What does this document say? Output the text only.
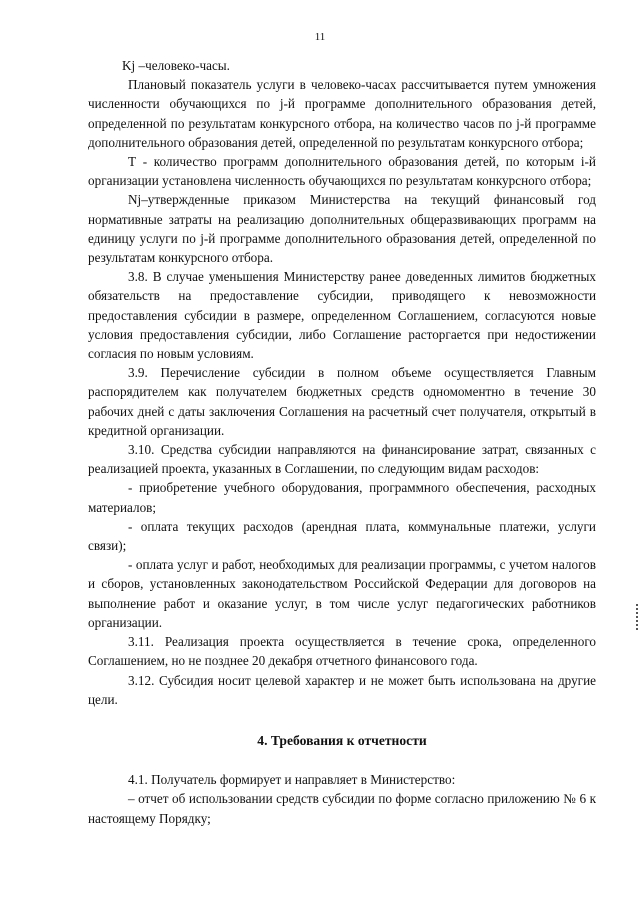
11

Kj –человеко-часы.

Плановый показатель услуги в человеко-часах рассчитывается путем умножения численности обучающихся по j-й программе дополнительного образования детей, определенной по результатам конкурсного отбора, на количество часов по j-й программе дополнительного образования детей, определенной по результатам конкурсного отбора;

Т - количество программ дополнительного образования детей, по которым i-й организации установлена численность обучающихся по результатам конкурсного отбора;

Nj–утвержденные приказом Министерства на текущий финансовый год нормативные затраты на реализацию дополнительных общеразвивающих программ на единицу услуги по j-й программе дополнительного образования детей, определенной по результатам конкурсного отбора.

3.8. В случае уменьшения Министерству ранее доведенных лимитов бюджетных обязательств на предоставление субсидии, приводящего к невозможности предоставления субсидии в размере, определенном Соглашением, согласуются новые условия предоставления субсидии, либо Соглашение расторгается при недостижении согласия по новым условиям.

3.9. Перечисление субсидии в полном объеме осуществляется Главным распорядителем как получателем бюджетных средств одномоментно в течение 30 рабочих дней с даты заключения Соглашения на расчетный счет получателя, открытый в кредитной организации.

3.10. Средства субсидии направляются на финансирование затрат, связанных с реализацией проекта, указанных в Соглашении, по следующим видам расходов:

- приобретение учебного оборудования, программного обеспечения, расходных материалов;

- оплата текущих расходов (арендная плата, коммунальные платежи, услуги связи);

- оплата услуг и работ, необходимых для реализации программы, с учетом налогов и сборов, установленных законодательством Российской Федерации для договоров на выполнение работ и оказание услуг, в том числе услуг педагогических работников организации.

3.11. Реализация проекта осуществляется в течение срока, определенного Соглашением, но не позднее 20 декабря отчетного финансового года.

3.12. Субсидия носит целевой характер и не может быть использована на другие цели.

4. Требования к отчетности

4.1. Получатель формирует и направляет в Министерство:

– отчет об использовании средств субсидии по форме согласно приложению № 6 к настоящему Порядку;
